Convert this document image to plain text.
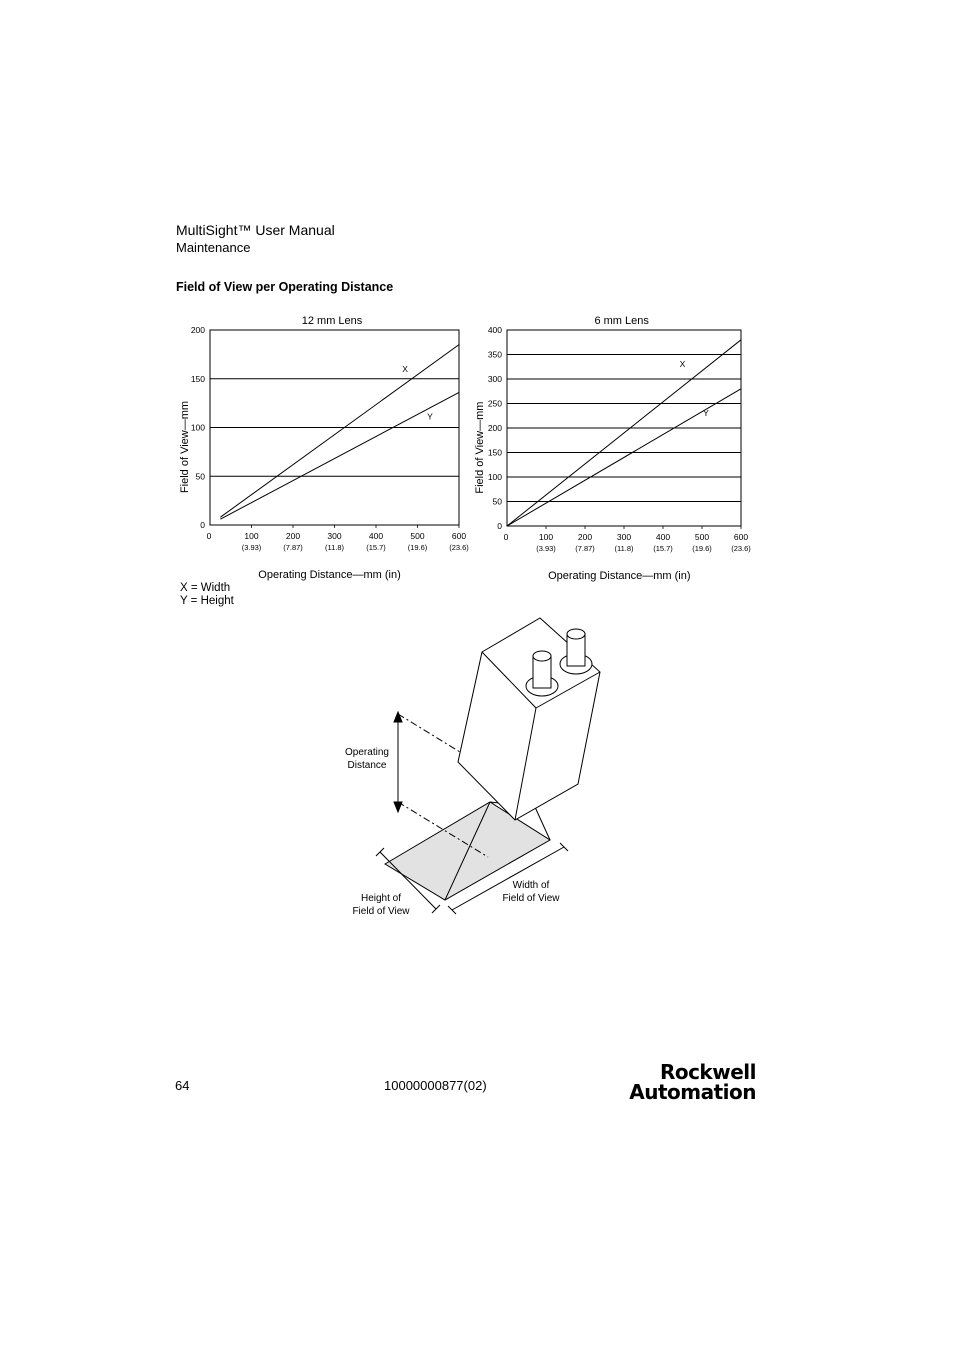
MultiSight™ User Manual
Maintenance
Field of View per Operating Distance
0
50
100
150
200
0	100
(3.93)
200
(7.87)
300
(11.8)
400
(15.7)
500
(19.6)
600
(23.6)
X
Y
12 mm Lens
Operating Distance—mm (in)
Field of View—mm
0
50
100
150
200
250
300
350
400
0	100
(3.93)
200
(7.87)
300
(11.8)
400
(15.7)
500
(19.6)
600
(23.6)
X
Y
6 mm Lens
Operating Distance—mm (in)
Field of View—mm
X = Width
Y = Height
Operating
Distance
Height of
Field of View
Width of
Field of View
64	10000000877(02)
Rockwell
Automation
